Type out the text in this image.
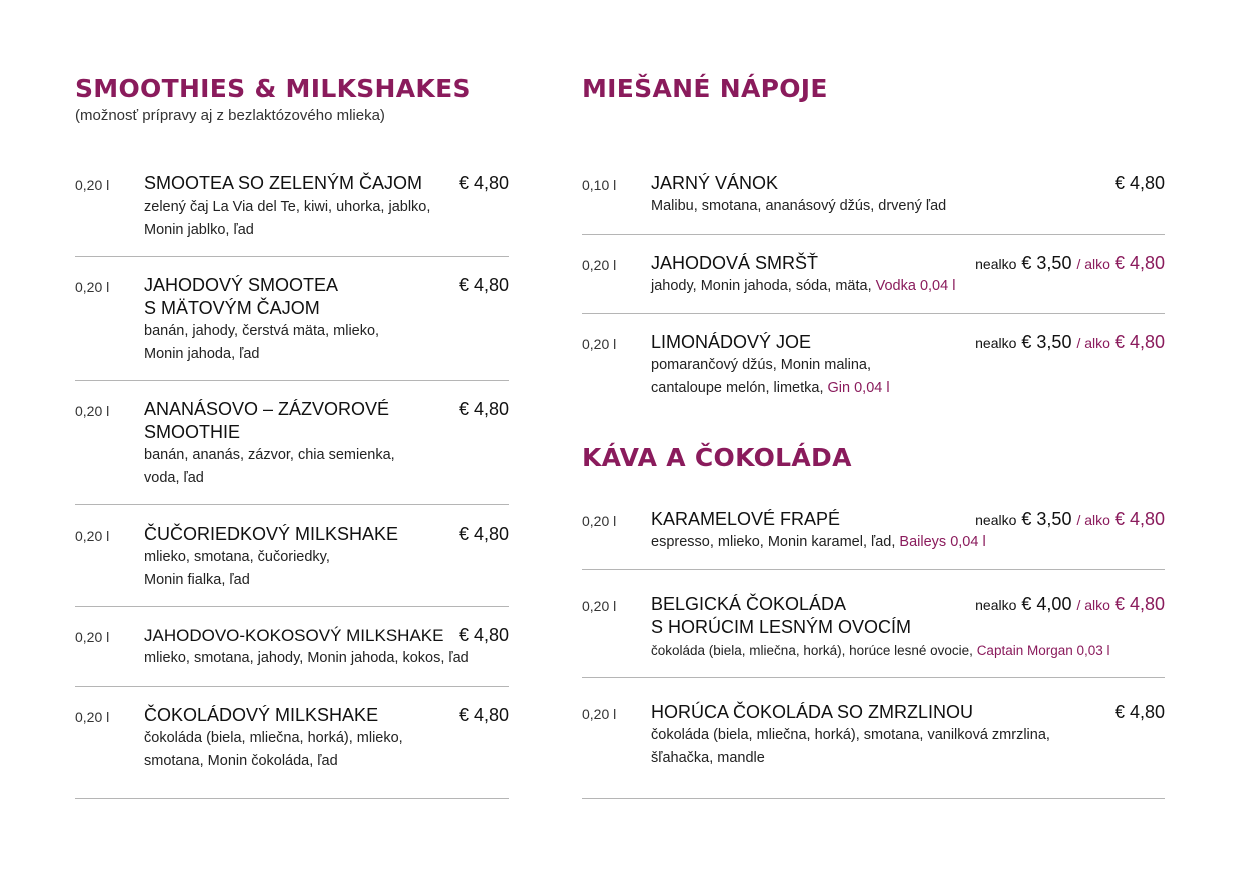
SMOOTHIES & MILKSHAKES
(možnosť prípravy aj z bezlaktózového mlieka)
0,20 l SMOOTEA SO ZELENÝM ČAJOM € 4,80
zelený čaj La Via del Te, kiwi, uhorka, jablko,
Monin jablko, ľad
0,20 l JAHODOVÝ SMOOTEA
S MÄTOVÝM ČAJOM
€ 4,80
banán, jahody, čerstvá mäta, mlieko,
Monin jahoda, ľad
0,20 l ANANÁSOVO – ZÁZVOROVÉ
SMOOTHIE
€ 4,80
banán, ananás, zázvor, chia semienka,
voda, ľad
0,20 l ČUČORIEDKOVÝ MILKSHAKE	€ 4,80
mlieko, smotana, čučoriedky,
Monin fialka, ľad
0,20 l JAHODOVO-KOKOSOVÝ MILKSHAKE € 4,80
mlieko, smotana, jahody, Monin jahoda, kokos, ľad
0,20 l ČOKOLÁDOVÝ MILKSHAKE	€ 4,80
čokoláda (biela, mliečna, horká), mlieko,
smotana, Monin čokoláda, ľad
MIEŠANÉ NÁPOJE
0,10 l JARNÝ VÁNOK	€ 4,80
Malibu, smotana, ananásový džús, drvený ľad
0,20 l JAHODOVÁ SMRŠŤ	nealko € 3,50 / alko € 4,80
jahody, Monin jahoda, sóda, mäta, Vodka 0,04 l
0,20 l LIMONÁDOVÝ JOE	nealko € 3,50 / alko € 4,80
pomarančový džús, Monin malina,
cantaloupe melón, limetka, Gin 0,04 l
KÁVA A ČOKOLÁDA
0,20 l KARAMELOVÉ FRAPÉ	nealko € 3,50 / alko € 4,80
espresso, mlieko, Monin karamel, ľad, Baileys 0,04 l
0,20 l BELGICKÁ ČOKOLÁDA
S HORÚCIM LESNÝM OVOCÍM
nealko € 4,00 / alko € 4,80
čokoláda (biela, mliečna, horká), horúce lesné ovocie, Captain Morgan 0,03 l
0,20 l HORÚCA ČOKOLÁDA SO ZMRZLINOU	€ 4,80
čokoláda (biela, mliečna, horká), smotana, vanilková zmrzlina,
šľahačka, mandle
